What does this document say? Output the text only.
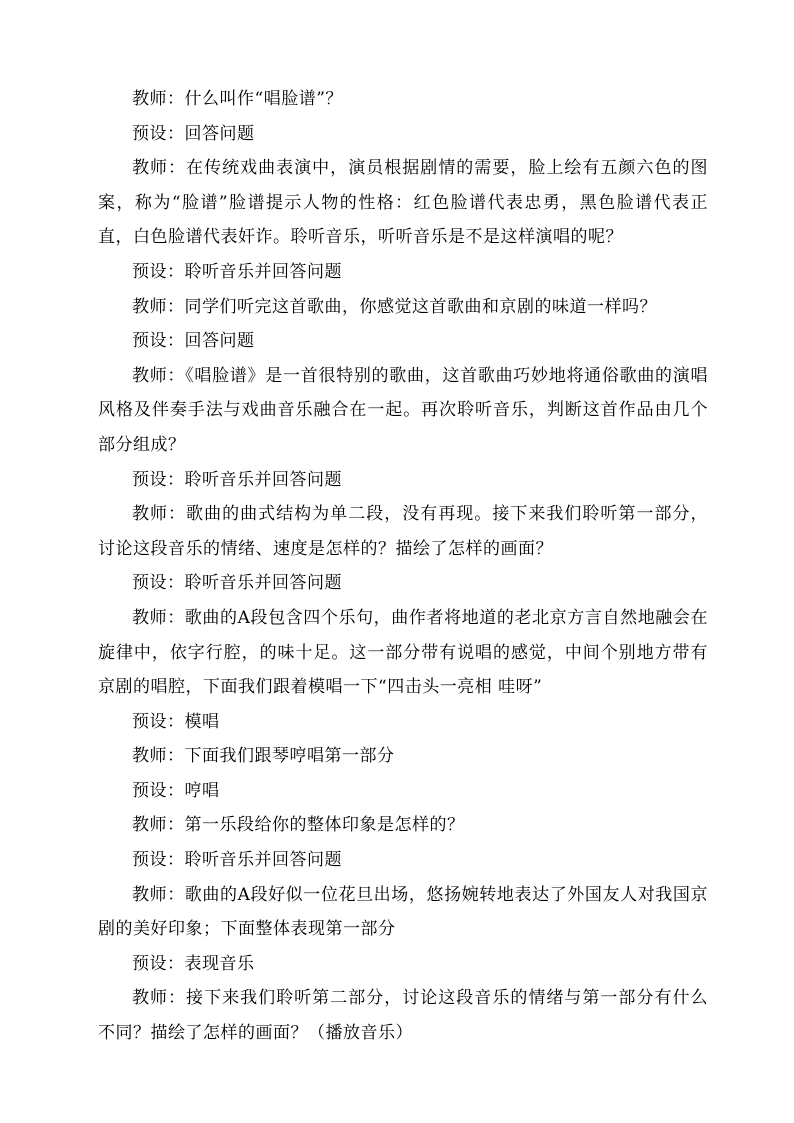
教师：什么叫作“唱脸谱”？

预设：回答问题

教师：在传统戏曲表演中，演员根据剧情的需要，脸上绘有五颜六色的图案，称为“脸谱”脸谱提示人物的性格：红色脸谱代表忠勇，黑色脸谱代表正直，白色脸谱代表奸诈。聆听音乐，听听音乐是不是这样演唱的呢？

预设：聆听音乐并回答问题

教师：同学们听完这首歌曲，你感觉这首歌曲和京剧的味道一样吗？

预设：回答问题

教师：《唱脸谱》是一首很特别的歌曲，这首歌曲巧妙地将通俗歌曲的演唱风格及伴奏手法与戏曲音乐融合在一起。再次聆听音乐，判断这首作品由几个部分组成？

预设：聆听音乐并回答问题

教师：歌曲的曲式结构为单二段，没有再现。接下来我们聆听第一部分，讨论这段音乐的情绪、速度是怎样的？描绘了怎样的画面？

预设：聆听音乐并回答问题

教师：歌曲的A段包含四个乐句，曲作者将地道的老北京方言自然地融会在旋律中，依字行腔，的味十足。这一部分带有说唱的感觉，中间个别地方带有京剧的唱腔，下面我们跟着模唱一下“四击头一亮相 哇呀”

预设：模唱

教师：下面我们跟琴哼唱第一部分

预设：哼唱

教师：第一乐段给你的整体印象是怎样的？

预设：聆听音乐并回答问题

教师：歌曲的A段好似一位花旦出场，悠扬婉转地表达了外国友人对我国京剧的美好印象；下面整体表现第一部分

预设：表现音乐

教师：接下来我们聆听第二部分，讨论这段音乐的情绪与第一部分有什么不同？描绘了怎样的画面？（播放音乐）
